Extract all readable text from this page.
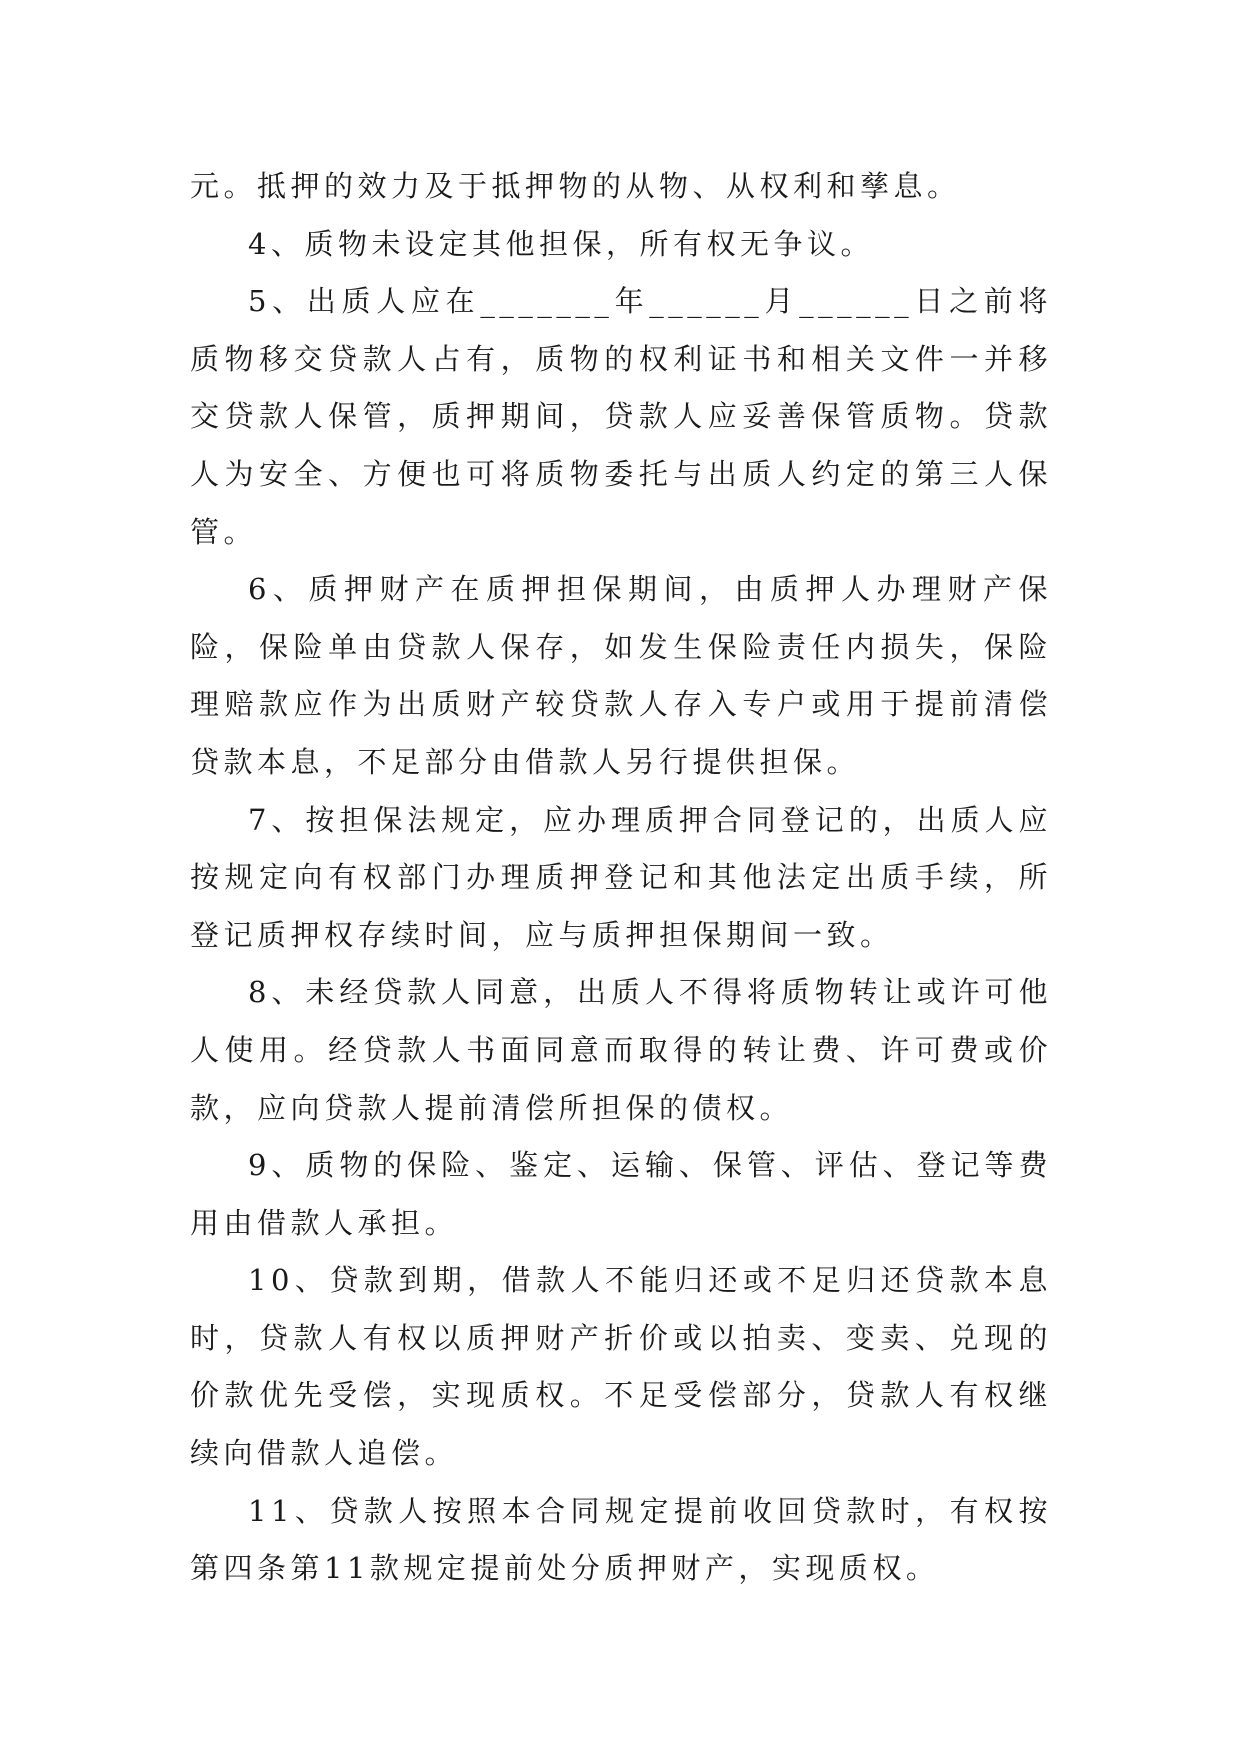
元。抵押的效力及于抵押物的从物、从权利和孳息。

4、质物未设定其他担保，所有权无争议。

5、出质人应在_______年______月______日之前将质物移交贷款人占有，质物的权利证书和相关文件一并移交贷款人保管，质押期间，贷款人应妥善保管质物。贷款人为安全、方便也可将质物委托与出质人约定的第三人保管。

6、质押财产在质押担保期间，由质押人办理财产保险，保险单由贷款人保存，如发生保险责任内损失，保险理赔款应作为出质财产较贷款人存入专户或用于提前清偿贷款本息，不足部分由借款人另行提供担保。

7、按担保法规定，应办理质押合同登记的，出质人应按规定向有权部门办理质押登记和其他法定出质手续，所登记质押权存续时间，应与质押担保期间一致。

8、未经贷款人同意，出质人不得将质物转让或许可他人使用。经贷款人书面同意而取得的转让费、许可费或价款，应向贷款人提前清偿所担保的债权。

9、质物的保险、鉴定、运输、保管、评估、登记等费用由借款人承担。

10、贷款到期，借款人不能归还或不足归还贷款本息时，贷款人有权以质押财产折价或以拍卖、变卖、兑现的价款优先受偿，实现质权。不足受偿部分，贷款人有权继续向借款人追偿。

11、贷款人按照本合同规定提前收回贷款时，有权按第四条第11款规定提前处分质押财产，实现质权。
